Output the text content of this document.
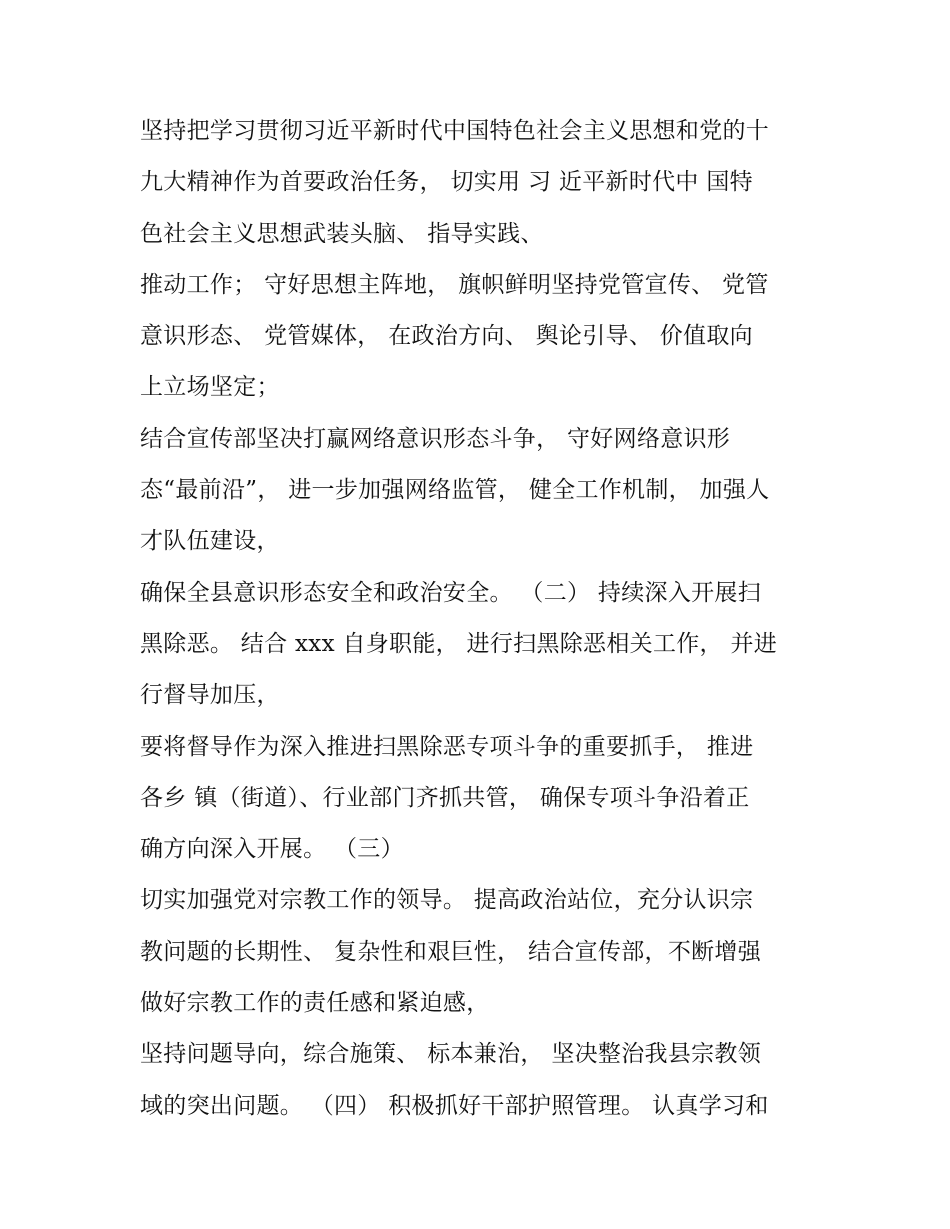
坚持把学习贯彻习近平新时代中国特色社会主义思想和党的十
九大精神作为首要政治任务， 切实用 习 近平新时代中 国特
色社会主义思想武装头脑、 指导实践、
推动工作； 守好思想主阵地， 旗帜鲜明坚持党管宣传、 党管
意识形态、 党管媒体， 在政治方向、 舆论引导、 价值取向
上立场坚定；
结合宣传部坚决打赢网络意识形态斗争， 守好网络意识形
态“最前沿”， 进一步加强网络监管， 健全工作机制， 加强人
才队伍建设，
确保全县意识形态安全和政治安全。 （二） 持续深入开展扫
黑除恶。 结合 xxx 自身职能， 进行扫黑除恶相关工作， 并进
行督导加压，
要将督导作为深入推进扫黑除恶专项斗争的重要抓手， 推进
各乡 镇（街道）、行业部门齐抓共管， 确保专项斗争沿着正
确方向深入开展。 （三）
切实加强党对宗教工作的领导。 提高政治站位，充分认识宗
教问题的长期性、 复杂性和艰巨性， 结合宣传部，不断增强
做好宗教工作的责任感和紧迫感，
坚持问题导向，综合施策、 标本兼治， 坚决整治我县宗教领
域的突出问题。 （四） 积极抓好干部护照管理。 认真学习和
